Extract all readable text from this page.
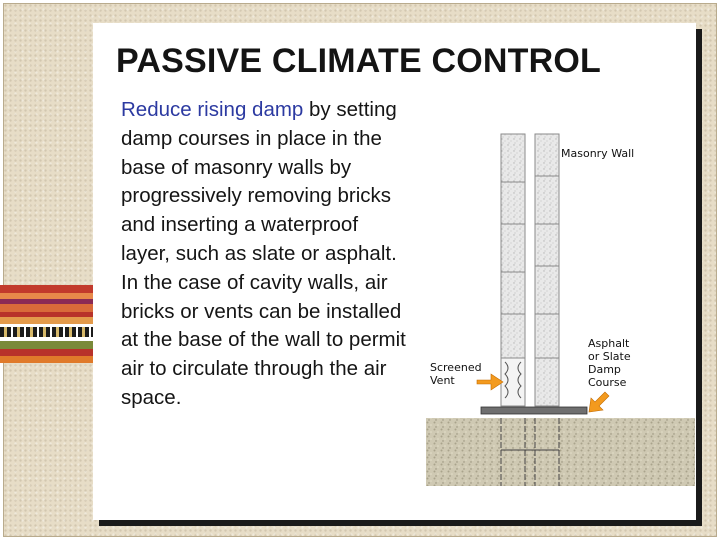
PASSIVE CLIMATE CONTROL

Reduce rising damp by setting damp courses in place in the base of masonry walls by progressively removing bricks and inserting a waterproof layer, such as slate or asphalt. In the case of cavity walls, air bricks or vents can be installed at the base of the wall to permit air to circulate through the air space.

Masonry Wall
Screened
Vent
Asphalt
or Slate
Damp
Course
